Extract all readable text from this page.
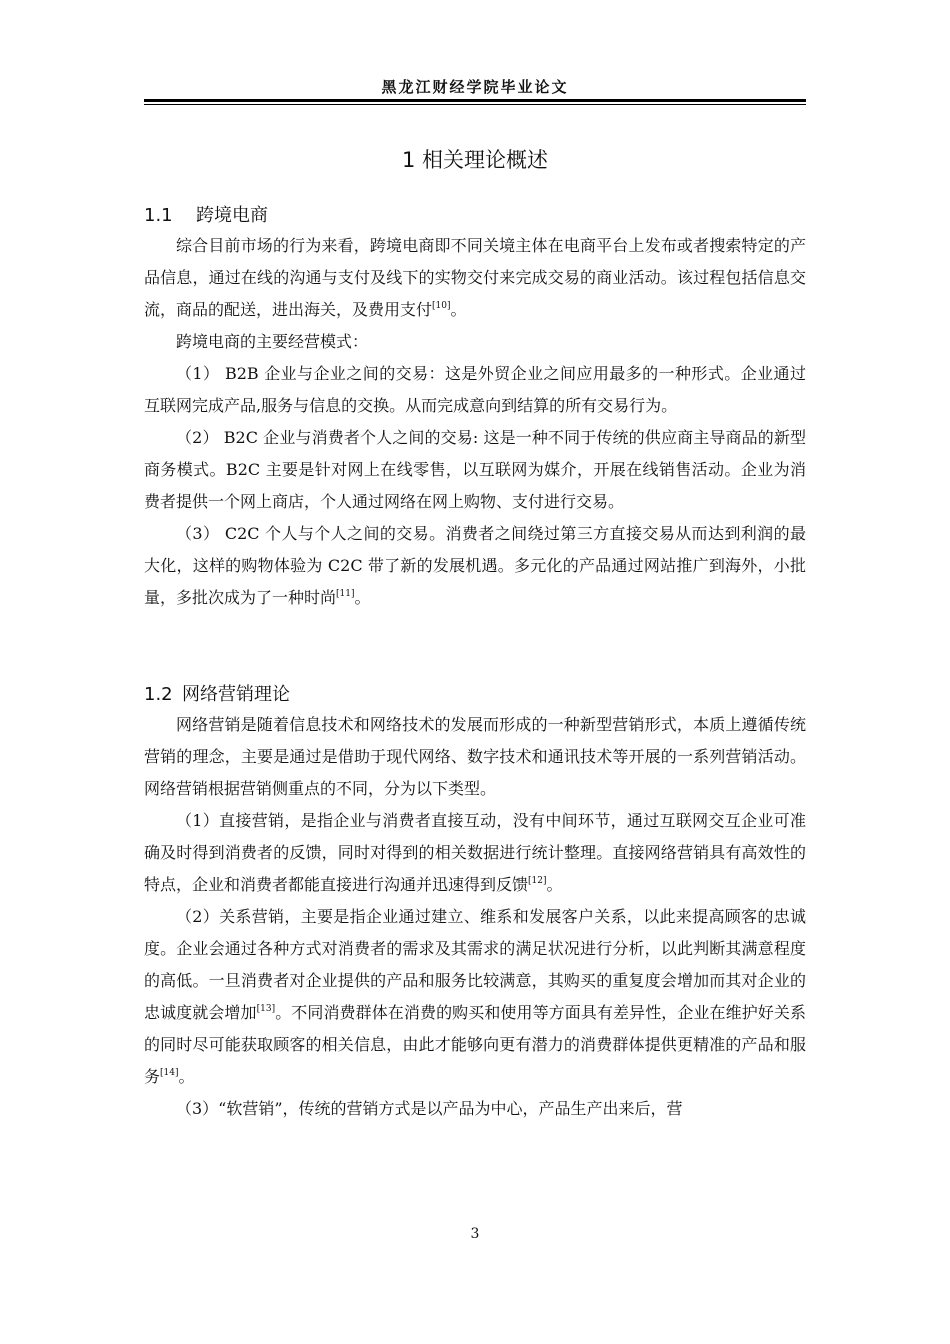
黑龙江财经学院毕业论文
1 相关理论概述
1.1 跨境电商

综合目前市场的行为来看，跨境电商即不同关境主体在电商平台上发布或者搜索特定的产品信息，通过在线的沟通与支付及线下的实物交付来完成交易的商业活动。该过程包括信息交流，商品的配送，进出海关，及费用支付[10]。

跨境电商的主要经营模式：

（1） B2B 企业与企业之间的交易：这是外贸企业之间应用最多的一种形式。企业通过互联网完成产品,服务与信息的交换。从而完成意向到结算的所有交易行为。

（2） B2C 企业与消费者个人之间的交易: 这是一种不同于传统的供应商主导商品的新型商务模式。B2C 主要是针对网上在线零售，以互联网为媒介，开展在线销售活动。企业为消费者提供一个网上商店，个人通过网络在网上购物、支付进行交易。

（3） C2C 个人与个人之间的交易。消费者之间绕过第三方直接交易从而达到利润的最大化，这样的购物体验为 C2C 带了新的发展机遇。多元化的产品通过网站推广到海外，小批量，多批次成为了一种时尚[11]。

1.2 网络营销理论

网络营销是随着信息技术和网络技术的发展而形成的一种新型营销形式，本质上遵循传统营销的理念，主要是通过是借助于现代网络、数字技术和通讯技术等开展的一系列营销活动。网络营销根据营销侧重点的不同，分为以下类型。

（1）直接营销，是指企业与消费者直接互动，没有中间环节，通过互联网交互企业可准确及时得到消费者的反馈，同时对得到的相关数据进行统计整理。直接网络营销具有高效性的特点，企业和消费者都能直接进行沟通并迅速得到反馈[12]。

（2）关系营销，主要是指企业通过建立、维系和发展客户关系，以此来提高顾客的忠诚度。企业会通过各种方式对消费者的需求及其需求的满足状况进行分析，以此判断其满意程度的高低。一旦消费者对企业提供的产品和服务比较满意，其购买的重复度会增加而其对企业的忠诚度就会增加[13]。不同消费群体在消费的购买和使用等方面具有差异性，企业在维护好关系的同时尽可能获取顾客的相关信息，由此才能够向更有潜力的消费群体提供更精准的产品和服务[14]。

（3）“软营销”，传统的营销方式是以产品为中心，产品生产出来后，营

3
